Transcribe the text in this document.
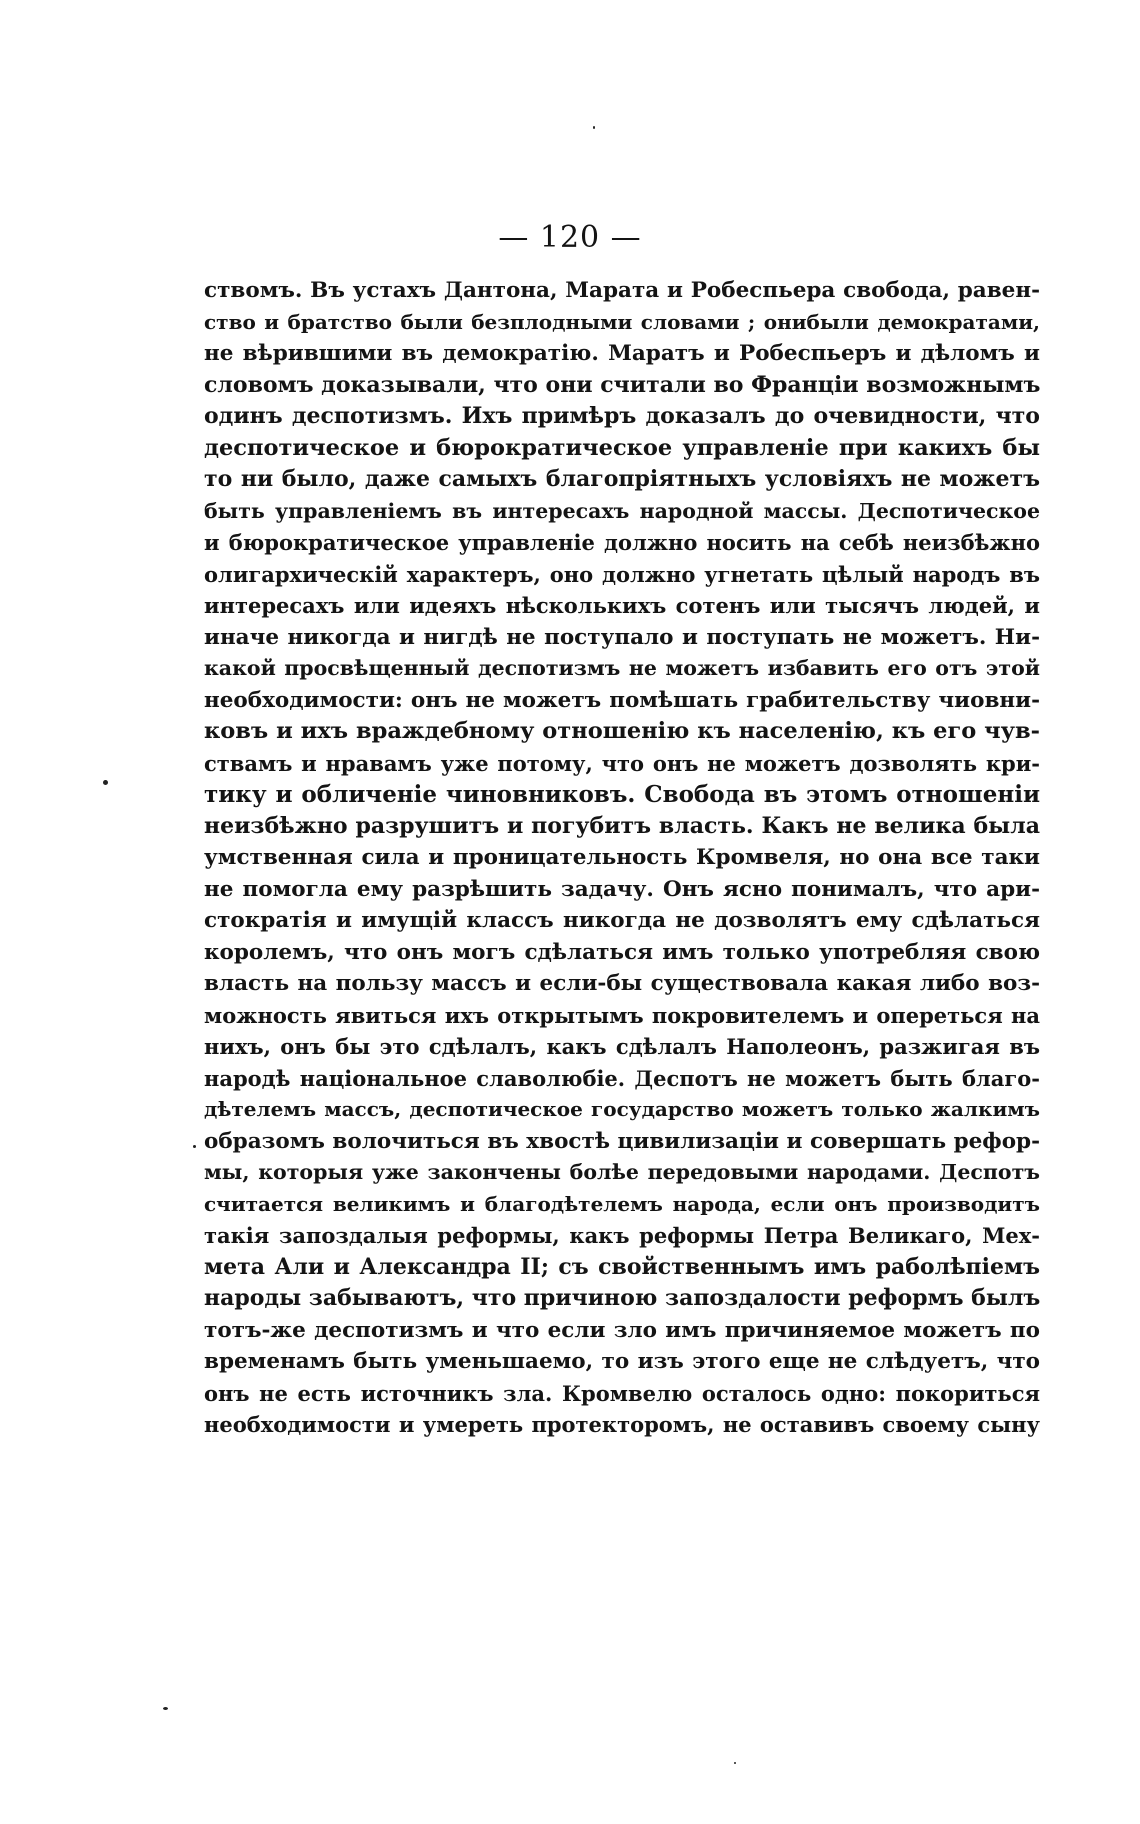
— 120 —
ствомъ. Въ устахъ Дантона, Марата и Робеспьера свобода, равен-
ство и братство были безплодными словами ; онибыли демократами,
не вѣрившими въ демократію. Маратъ и Робеспьеръ и дѣломъ и
словомъ доказывали, что они считали во Франціи возможнымъ
одинъ деспотизмъ. Ихъ примѣръ доказалъ до очевидности, что
деспотическое и бюрократическое управленіе при какихъ бы
то ни было, даже самыхъ благопріятныхъ условіяхъ не можетъ
быть управленіемъ въ интересахъ народной массы. Деспотическое
и бюрократическое управленіе должно носить на себѣ неизбѣжно
олигархическій характеръ, оно должно угнетать цѣлый народъ въ
интересахъ или идеяхъ нѣсколькихъ сотенъ или тысячъ людей, и
иначе никогда и нигдѣ не поступало и поступать не можетъ. Ни-
какой просвѣщенный деспотизмъ не можетъ избавить его отъ этой
необходимости: онъ не можетъ помѣшать грабительству чиовни-
ковъ и ихъ враждебному отношенію къ населенію, къ его чув-
ствамъ и нравамъ уже потому, что онъ не можетъ дозволять кри-
тику и обличеніе чиновниковъ. Свобода въ этомъ отношеніи
неизбѣжно разрушитъ и погубитъ власть. Какъ не велика была
умственная сила и проницательность Кромвеля, но она все таки
не помогла ему разрѣшить задачу. Онъ ясно понималъ, что ари-
стократія и имущій классъ никогда не дозволятъ ему сдѣлаться
королемъ, что онъ могъ сдѣлаться имъ только употребляя свою
власть на пользу массъ и если-бы существовала какая либо воз-
можность явиться ихъ открытымъ покровителемъ и опереться на
нихъ, онъ бы это сдѣлалъ, какъ сдѣлалъ Наполеонъ, разжигая въ
народѣ національное славолюбіе. Деспотъ не можетъ быть благо-
дѣтелемъ массъ, деспотическое государство можетъ только жалкимъ
образомъ волочиться въ хвостѣ цивилизаціи и совершать рефор-
мы, которыя уже закончены болѣе передовыми народами. Деспотъ
считается великимъ и благодѣтелемъ народа, если онъ производитъ
такія запоздалыя реформы, какъ реформы Петра Великаго, Мех-
мета Али и Александра II; съ свойственнымъ имъ раболѣпіемъ
народы забываютъ, что причиною запоздалости реформъ былъ
тотъ-же деспотизмъ и что если зло имъ причиняемое можетъ по
временамъ быть уменьшаемо, то изъ этого еще не слѣдуетъ, что
онъ не есть источникъ зла. Кромвелю осталось одно: покориться
необходимости и умереть протекторомъ, не оставивъ своему сыну
